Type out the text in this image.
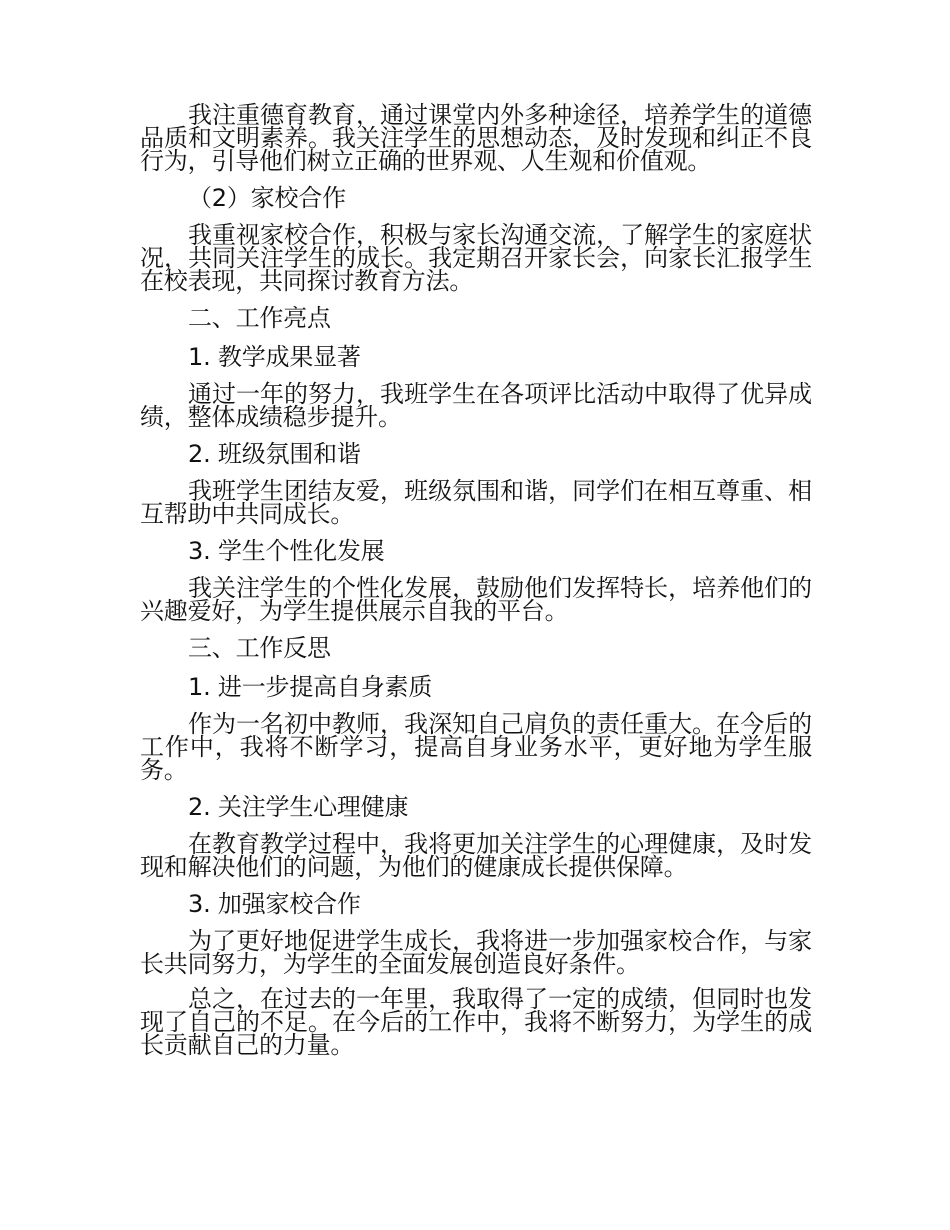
我注重德育教育，通过课堂内外多种途径，培养学生的道德品质和文明素养。我关注学生的思想动态，及时发现和纠正不良行为，引导他们树立正确的世界观、人生观和价值观。

（2）家校合作

我重视家校合作，积极与家长沟通交流，了解学生的家庭状况，共同关注学生的成长。我定期召开家长会，向家长汇报学生在校表现，共同探讨教育方法。

二、工作亮点

1. 教学成果显著

通过一年的努力，我班学生在各项评比活动中取得了优异成绩，整体成绩稳步提升。

2. 班级氛围和谐

我班学生团结友爱，班级氛围和谐，同学们在相互尊重、相互帮助中共同成长。

3. 学生个性化发展

我关注学生的个性化发展，鼓励他们发挥特长，培养他们的兴趣爱好，为学生提供展示自我的平台。

三、工作反思

1. 进一步提高自身素质

作为一名初中教师，我深知自己肩负的责任重大。在今后的工作中，我将不断学习，提高自身业务水平，更好地为学生服务。

2. 关注学生心理健康

在教育教学过程中，我将更加关注学生的心理健康，及时发现和解决他们的问题，为他们的健康成长提供保障。

3. 加强家校合作

为了更好地促进学生成长，我将进一步加强家校合作，与家长共同努力，为学生的全面发展创造良好条件。

总之，在过去的一年里，我取得了一定的成绩，但同时也发现了自己的不足。在今后的工作中，我将不断努力，为学生的成长贡献自己的力量。
